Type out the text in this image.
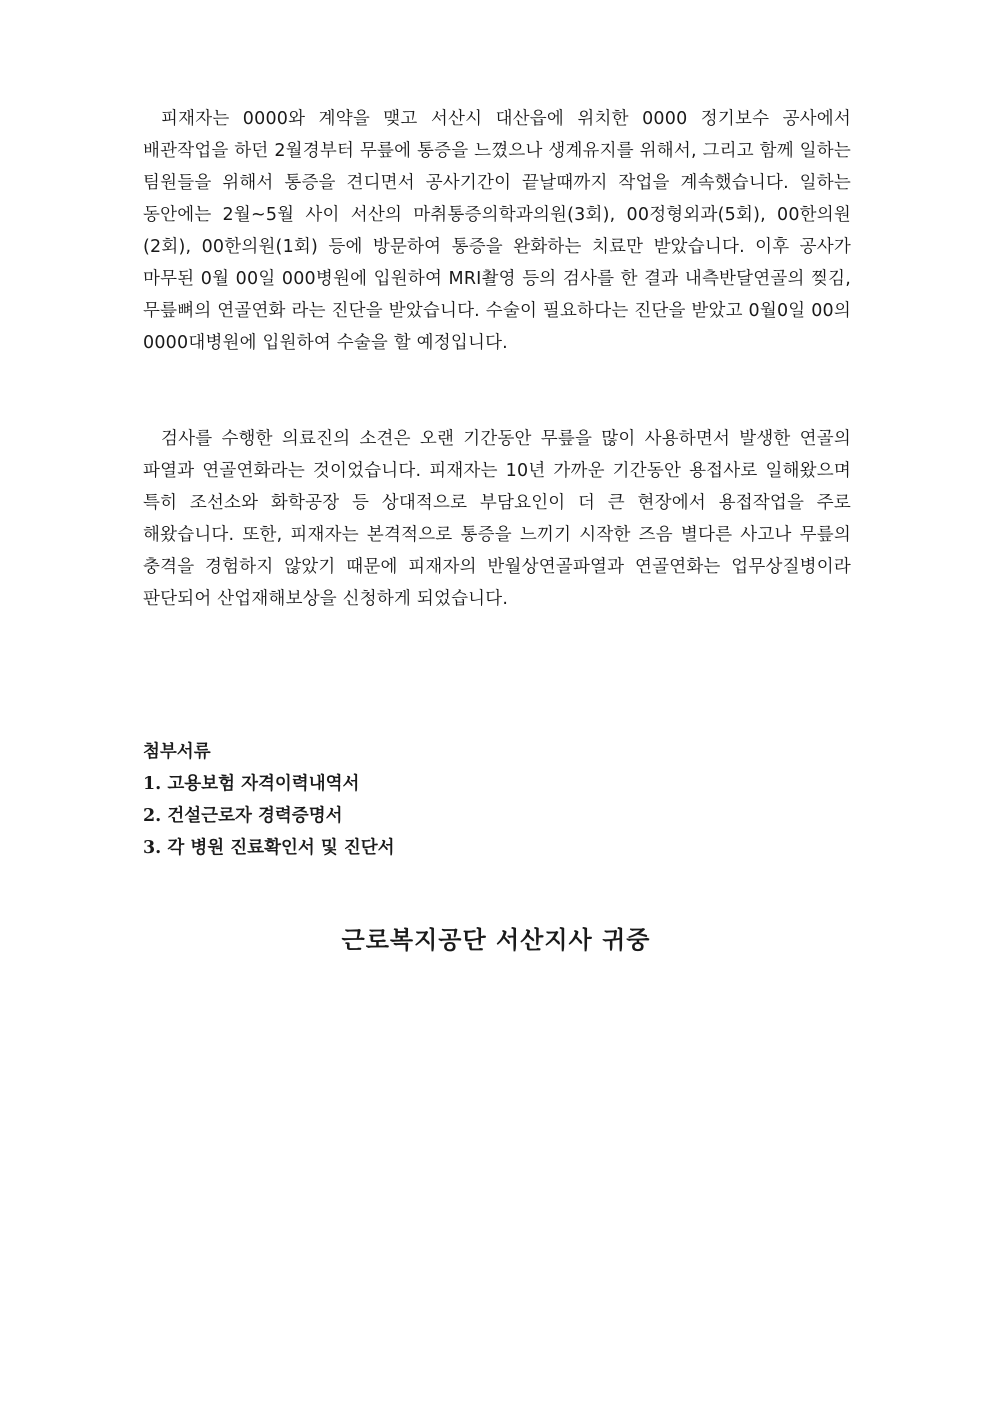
피재자는 0000와 계약을 맺고 서산시 대산읍에 위치한 0000 정기보수 공사에서 배관작업을 하던 2월경부터 무릎에 통증을 느꼈으나 생계유지를 위해서, 그리고 함께 일하는 팀원들을 위해서 통증을 견디면서 공사기간이 끝날때까지 작업을 계속했습니다. 일하는 동안에는 2월~5월 사이 서산의 마취통증의학과의원(3회), 00정형외과(5회), 00한의원(2회), 00한의원(1회) 등에 방문하여 통증을 완화하는 치료만 받았습니다. 이후 공사가 마무된 0월 00일 000병원에 입원하여 MRI촬영 등의 검사를 한 결과 내측반달연골의 찢김, 무릎뼈의 연골연화 라는 진단을 받았습니다. 수술이 필요하다는 진단을 받았고 0월0일 00의 0000대병원에 입원하여 수술을 할 예정입니다.

검사를 수행한 의료진의 소견은 오랜 기간동안 무릎을 많이 사용하면서 발생한 연골의 파열과 연골연화라는 것이었습니다. 피재자는 10년 가까운 기간동안 용접사로 일해왔으며 특히 조선소와 화학공장 등 상대적으로 부담요인이 더 큰 현장에서 용접작업을 주로 해왔습니다. 또한, 피재자는 본격적으로 통증을 느끼기 시작한 즈음 별다른 사고나 무릎의 충격을 경험하지 않았기 때문에 피재자의 반월상연골파열과 연골연화는 업무상질병이라 판단되어 산업재해보상을 신청하게 되었습니다.

첨부서류

1. 고용보험 자격이력내역서
2. 건설근로자 경력증명서
3. 각 병원 진료확인서 및 진단서
근로복지공단 서산지사 귀중
